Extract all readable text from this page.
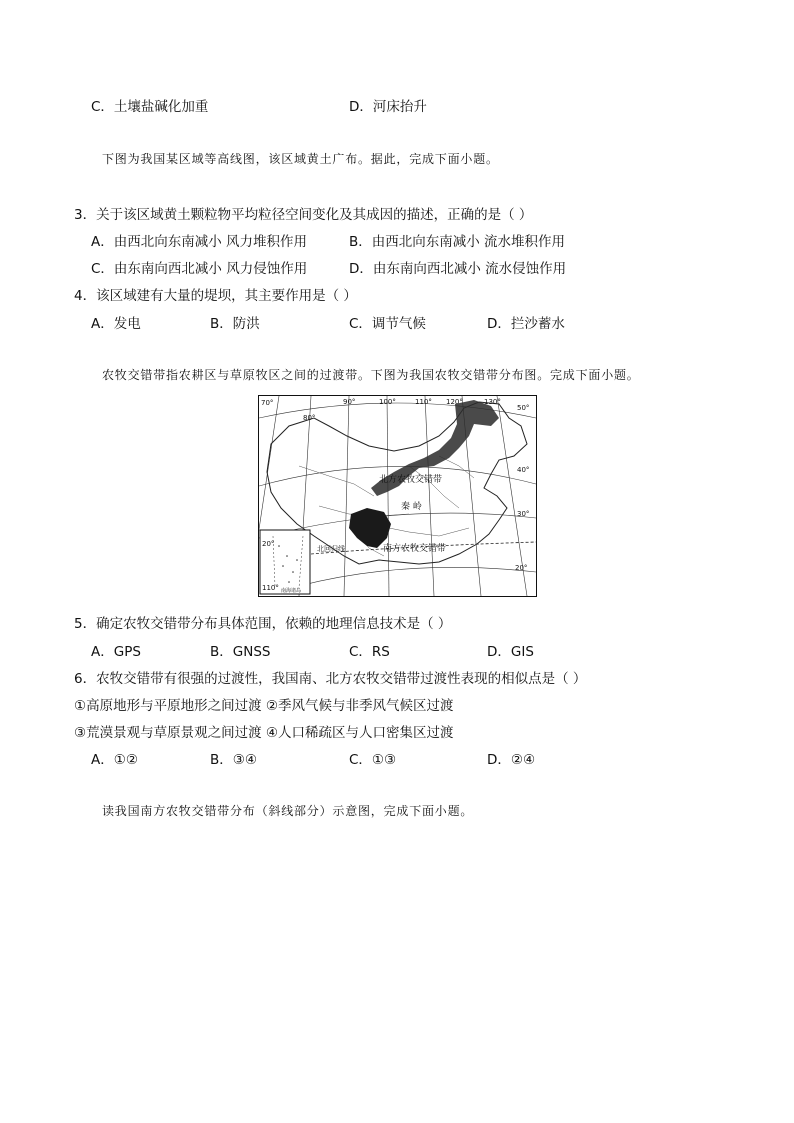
C．土壤盐碱化加重	D．河床抬升
下图为我国某区域等高线图，该区域黄土广布。据此，完成下面小题。
3．关于该区域黄土颗粒物平均粒径空间变化及其成因的描述，正确的是（ ）
A．由西北向东南减小 风力堆积作用	B．由西北向东南减小 流水堆积作用
C．由东南向西北减小 风力侵蚀作用	D．由东南向西北减小 流水侵蚀作用
4．该区域建有大量的堤坝，其主要作用是（ ）
A．发电	B．防洪	C．调节气候	D．拦沙蓄水
农牧交错带指农耕区与草原牧区之间的过渡带。下图为我国农牧交错带分布图。完成下面小题。
70°
80°
90°	100°	110° 120°	130°
50°
40°
30°
20°
北方农牧交错带
秦 岭
南方农牧交错带
北回归线
20°
110° 南海诸岛
5．确定农牧交错带分布具体范围，依赖的地理信息技术是（ ）
A．GPS	B．GNSS	C．RS	D．GIS
6．农牧交错带有很强的过渡性，我国南、北方农牧交错带过渡性表现的相似点是（ ）
①高原地形与平原地形之间过渡 ②季风气候与非季风气候区过渡
③荒漠景观与草原景观之间过渡 ④人口稀疏区与人口密集区过渡
A．①②	B．③④	C．①③	D．②④
读我国南方农牧交错带分布（斜线部分）示意图，完成下面小题。
